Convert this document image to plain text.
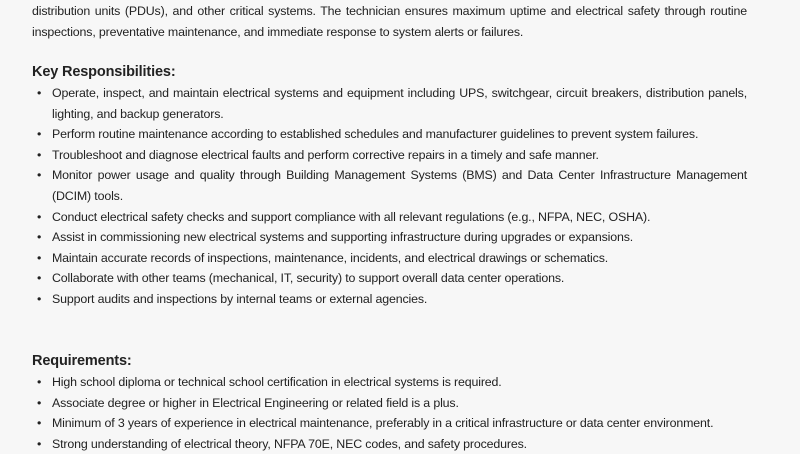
distribution units (PDUs), and other critical systems. The technician ensures maximum uptime and electrical safety through routine inspections, preventative maintenance, and immediate response to system alerts or failures.

Key Responsibilities:
• Operate, inspect, and maintain electrical systems and equipment including UPS, switchgear, circuit breakers, distribution panels, lighting, and backup generators.
• Perform routine maintenance according to established schedules and manufacturer guidelines to prevent system failures.
• Troubleshoot and diagnose electrical faults and perform corrective repairs in a timely and safe manner.
• Monitor power usage and quality through Building Management Systems (BMS) and Data Center Infrastructure Management (DCIM) tools.
• Conduct electrical safety checks and support compliance with all relevant regulations (e.g., NFPA, NEC, OSHA).
• Assist in commissioning new electrical systems and supporting infrastructure during upgrades or expansions.
• Maintain accurate records of inspections, maintenance, incidents, and electrical drawings or schematics.
• Collaborate with other teams (mechanical, IT, security) to support overall data center operations.
• Support audits and inspections by internal teams or external agencies.
Requirements:
• High school diploma or technical school certification in electrical systems is required.
• Associate degree or higher in Electrical Engineering or related field is a plus.
• Minimum of 3 years of experience in electrical maintenance, preferably in a critical infrastructure or data center environment.
• Strong understanding of electrical theory, NFPA 70E, NEC codes, and safety procedures.
